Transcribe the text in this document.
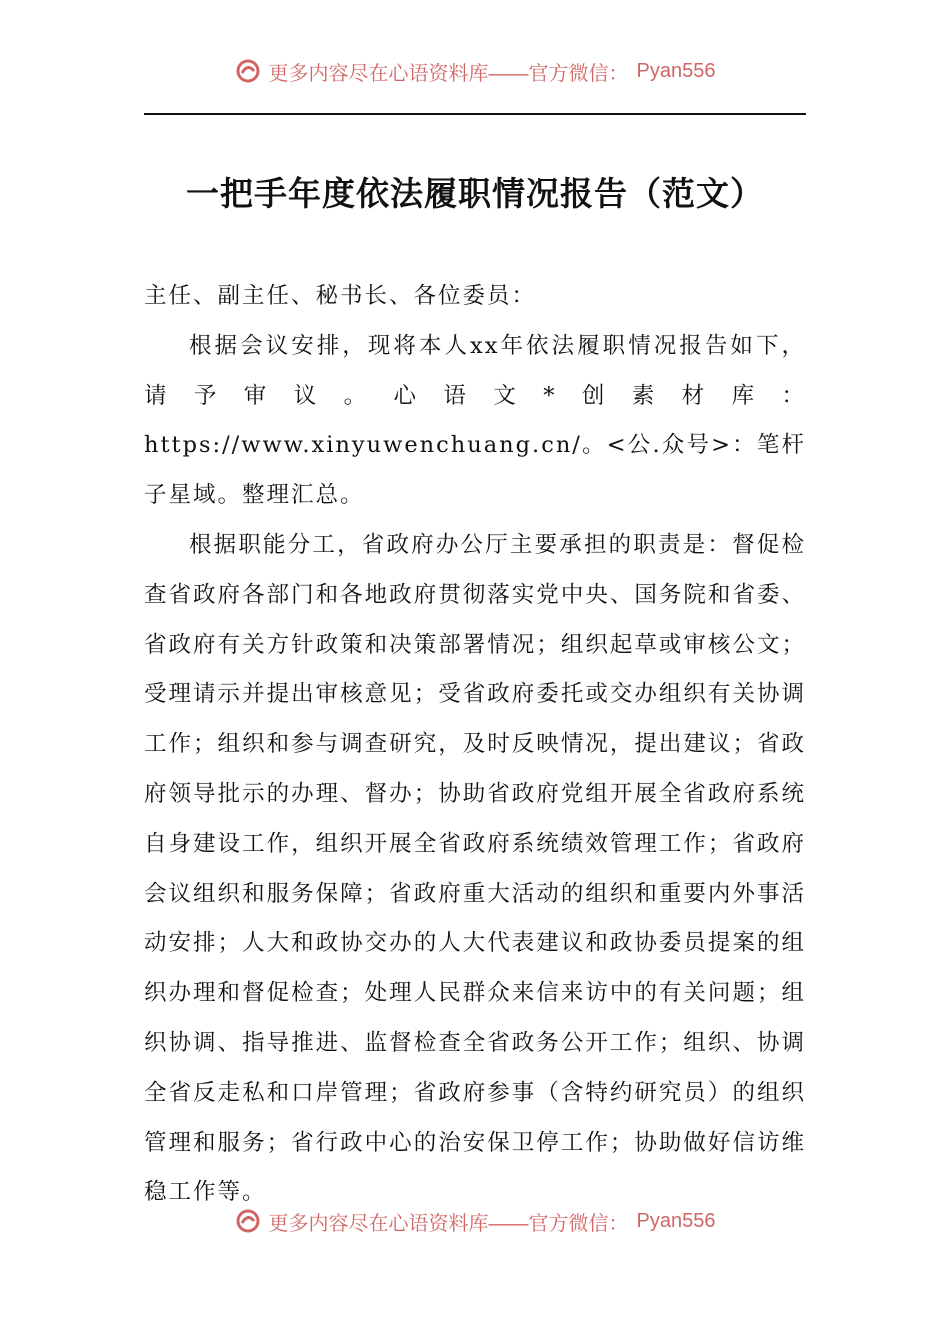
更多内容尽在心语资料库——官方微信： Pyan556
一把手年度依法履职情况报告（范文）

主任、副主任、秘书长、各位委员：

根据会议安排，现将本人xx年依法履职情况报告如下，请予审议。心语文*创素材库：https://www.xinyuwenchuang.cn/。<公.众号>：笔杆子星域。整理汇总。

根据职能分工，省政府办公厅主要承担的职责是：督促检查省政府各部门和各地政府贯彻落实党中央、国务院和省委、省政府有关方针政策和决策部署情况；组织起草或审核公文；受理请示并提出审核意见；受省政府委托或交办组织有关协调工作；组织和参与调查研究，及时反映情况，提出建议；省政府领导批示的办理、督办；协助省政府党组开展全省政府系统自身建设工作，组织开展全省政府系统绩效管理工作；省政府会议组织和服务保障；省政府重大活动的组织和重要内外事活动安排；人大和政协交办的人大代表建议和政协委员提案的组织办理和督促检查；处理人民群众来信来访中的有关问题；组织协调、指导推进、监督检查全省政务公开工作；组织、协调全省反走私和口岸管理；省政府参事（含特约研究员）的组织管理和服务；省行政中心的治安保卫停工作；协助做好信访维稳工作等。

更多内容尽在心语资料库——官方微信： Pyan556
